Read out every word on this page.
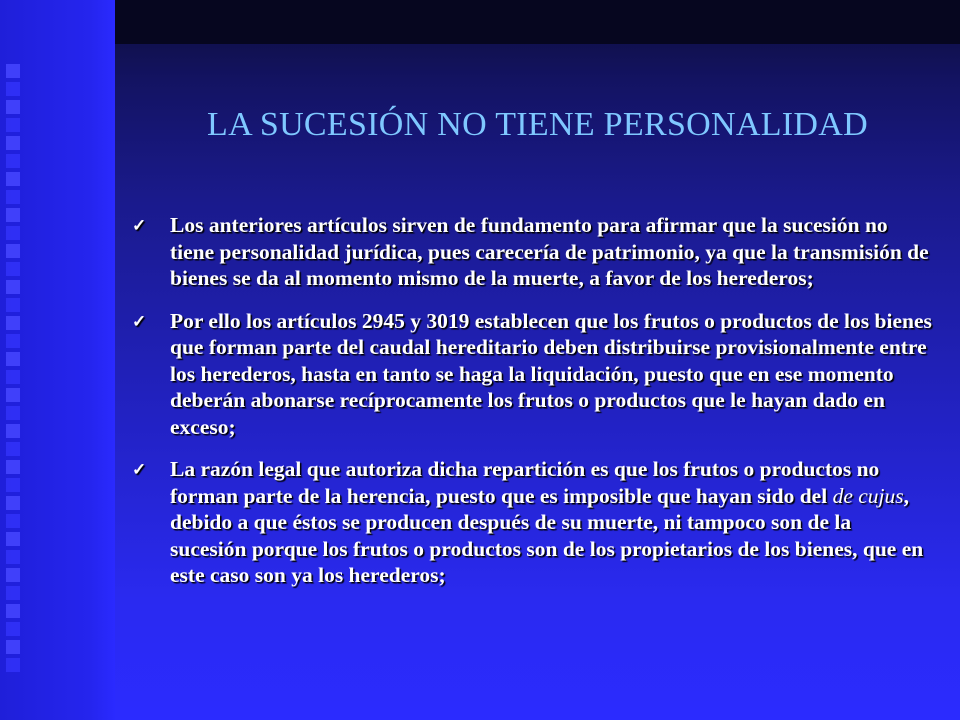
LA SUCESIÓN NO TIENE PERSONALIDAD
✓ Los anteriores artículos sirven de fundamento para afirmar que la sucesión no tiene personalidad jurídica, pues carecería de patrimonio, ya que la transmisión de bienes se da al momento mismo de la muerte, a favor de los herederos;
✓ Por ello los artículos 2945 y 3019 establecen que los frutos o productos de los bienes que forman parte del caudal hereditario deben distribuirse provisionalmente entre los herederos, hasta en tanto se haga la liquidación, puesto que en ese momento deberán abonarse recíprocamente los frutos o productos que le hayan dado en exceso;
✓ La razón legal que autoriza dicha repartición es que los frutos o productos no forman parte de la herencia, puesto que es imposible que hayan sido del de cujus, debido a que éstos se producen después de su muerte, ni tampoco son de la sucesión porque los frutos o productos son de los propietarios de los bienes, que en este caso son ya los herederos;
